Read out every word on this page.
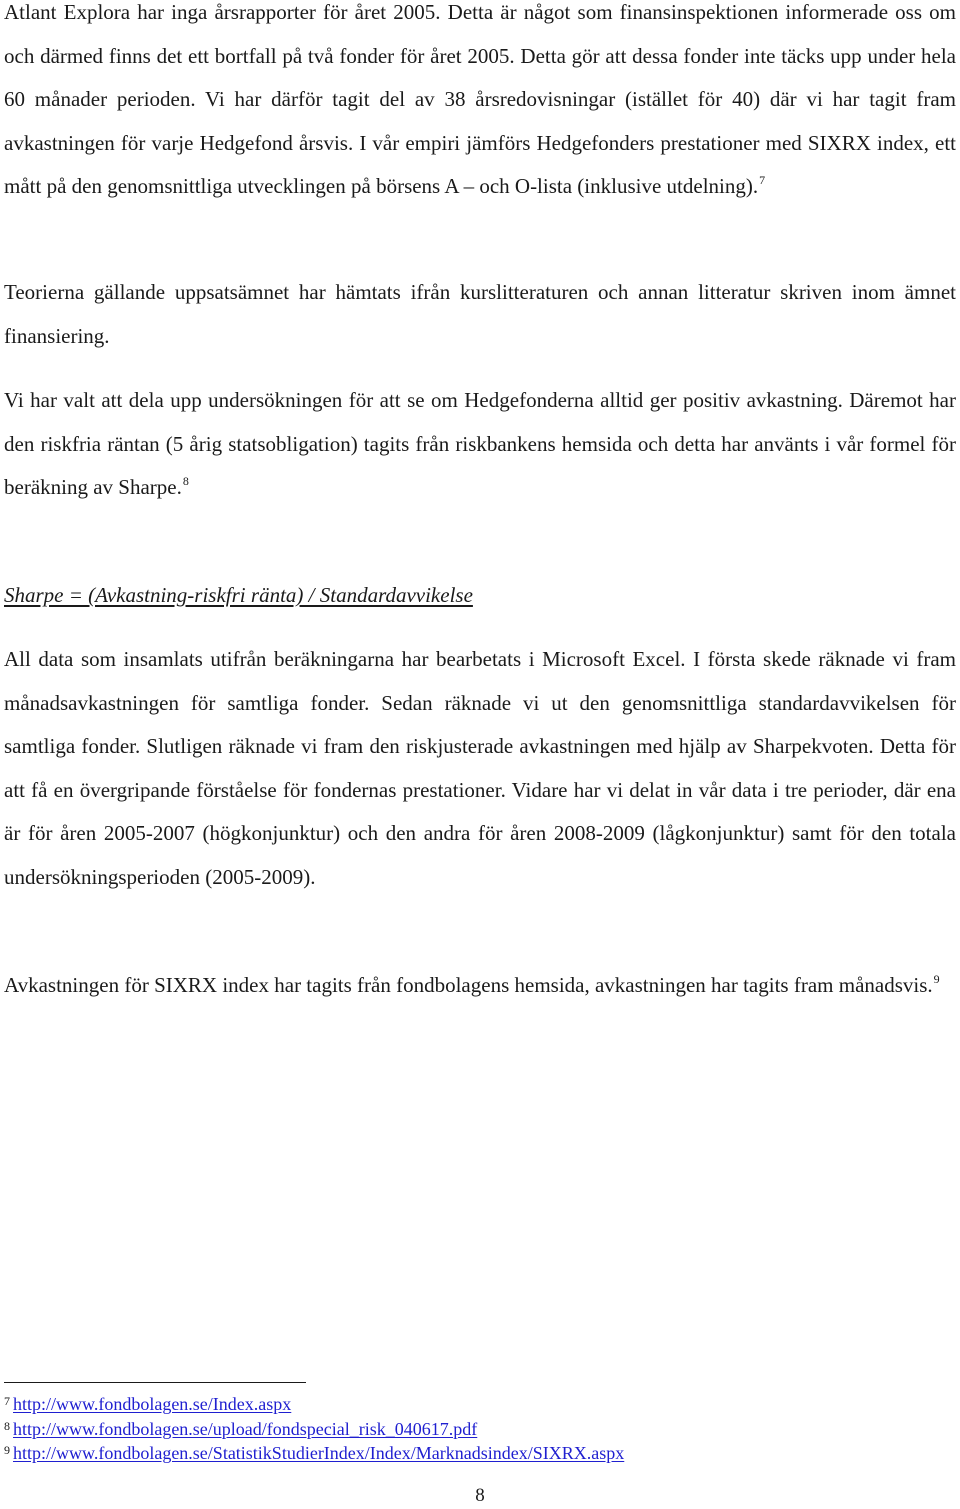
Atlant Explora har inga årsrapporter för året 2005. Detta är något som finansinspektionen informerade oss om och därmed finns det ett bortfall på två fonder för året 2005. Detta gör att dessa fonder inte täcks upp under hela 60 månader perioden. Vi har därför tagit del av 38 årsredovisningar (istället för 40) där vi har tagit fram avkastningen för varje Hedgefond årsvis. I vår empiri jämförs Hedgefonders prestationer med SIXRX index, ett mått på den genomsnittliga utvecklingen på börsens A – och O-lista (inklusive utdelning).$^7$

Teorierna gällande uppsatsämnet har hämtats ifrån kurslitteraturen och annan litteratur skriven inom ämnet finansiering.

Vi har valt att dela upp undersökningen för att se om Hedgefonderna alltid ger positiv avkastning. Däremot har den riskfria räntan (5 årig statsobligation) tagits från riskbankens hemsida och detta har använts i vår formel för beräkning av Sharpe.$^8$

Sharpe = (Avkastning-riskfri ränta) / Standardavvikelse

All data som insamlats utifrån beräkningarna har bearbetats i Microsoft Excel. I första skede räknade vi fram månadsavkastningen för samtliga fonder. Sedan räknade vi ut den genomsnittliga standardavvikelsen för samtliga fonder. Slutligen räknade vi fram den riskjusterade avkastningen med hjälp av Sharpekvoten. Detta för att få en övergripande förståelse för fondernas prestationer. Vidare har vi delat in vår data i tre perioder, där ena är för åren 2005-2007 (högkonjunktur) och den andra för åren 2008-2009 (lågkonjunktur) samt för den totala undersökningsperioden (2005-2009).

Avkastningen för SIXRX index har tagits från fondbolagens hemsida, avkastningen har tagits fram månadsvis.$^9$

$^7$ http://www.fondbolagen.se/Index.aspx

$^8$ http://www.fondbolagen.se/upload/fondspecial_risk_040617.pdf

$^9$ http://www.fondbolagen.se/StatistikStudierIndex/Index/Marknadsindex/SIXRX.aspx

8
